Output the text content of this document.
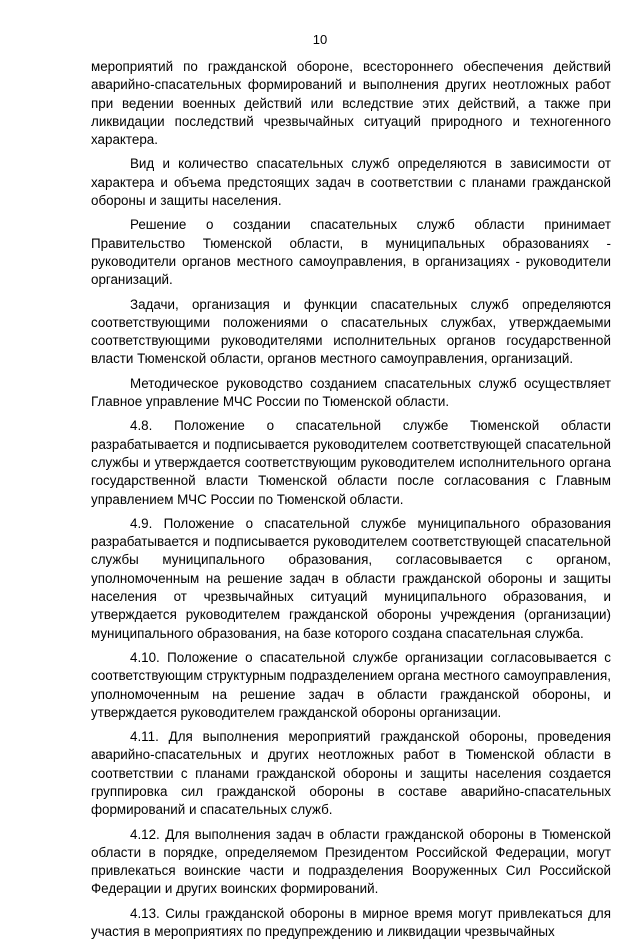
10

мероприятий по гражданской обороне, всестороннего обеспечения действий аварийно-спасательных формирований и выполнения других неотложных работ при ведении военных действий или вследствие этих действий, а также при ликвидации последствий чрезвычайных ситуаций природного и техногенного характера.

Вид и количество спасательных служб определяются в зависимости от характера и объема предстоящих задач в соответствии с планами гражданской обороны и защиты населения.

Решение о создании спасательных служб области принимает Правительство Тюменской области, в муниципальных образованиях - руководители органов местного самоуправления, в организациях - руководители организаций.

Задачи, организация и функции спасательных служб определяются соответствующими положениями о спасательных службах, утверждаемыми соответствующими руководителями исполнительных органов государственной власти Тюменской области, органов местного самоуправления, организаций.

Методическое руководство созданием спасательных служб осуществляет Главное управление МЧС России по Тюменской области.

4.8. Положение о спасательной службе Тюменской области разрабатывается и подписывается руководителем соответствующей спасательной службы и утверждается соответствующим руководителем исполнительного органа государственной власти Тюменской области после согласования с Главным управлением МЧС России по Тюменской области.

4.9. Положение о спасательной службе муниципального образования разрабатывается и подписывается руководителем соответствующей спасательной службы муниципального образования, согласовывается с органом, уполномоченным на решение задач в области гражданской обороны и защиты населения от чрезвычайных ситуаций муниципального образования, и утверждается руководителем гражданской обороны учреждения (организации) муниципального образования, на базе которого создана спасательная служба.

4.10. Положение о спасательной службе организации согласовывается с соответствующим структурным подразделением органа местного самоуправления, уполномоченным на решение задач в области гражданской обороны, и утверждается руководителем гражданской обороны организации.

4.11. Для выполнения мероприятий гражданской обороны, проведения аварийно-спасательных и других неотложных работ в Тюменской области в соответствии с планами гражданской обороны и защиты населения создается группировка сил гражданской обороны в составе аварийно-спасательных формирований и спасательных служб.

4.12. Для выполнения задач в области гражданской обороны в Тюменской области в порядке, определяемом Президентом Российской Федерации, могут привлекаться воинские части и подразделения Вооруженных Сил Российской Федерации и других воинских формирований.

4.13. Силы гражданской обороны в мирное время могут привлекаться для участия в мероприятиях по предупреждению и ликвидации чрезвычайных
